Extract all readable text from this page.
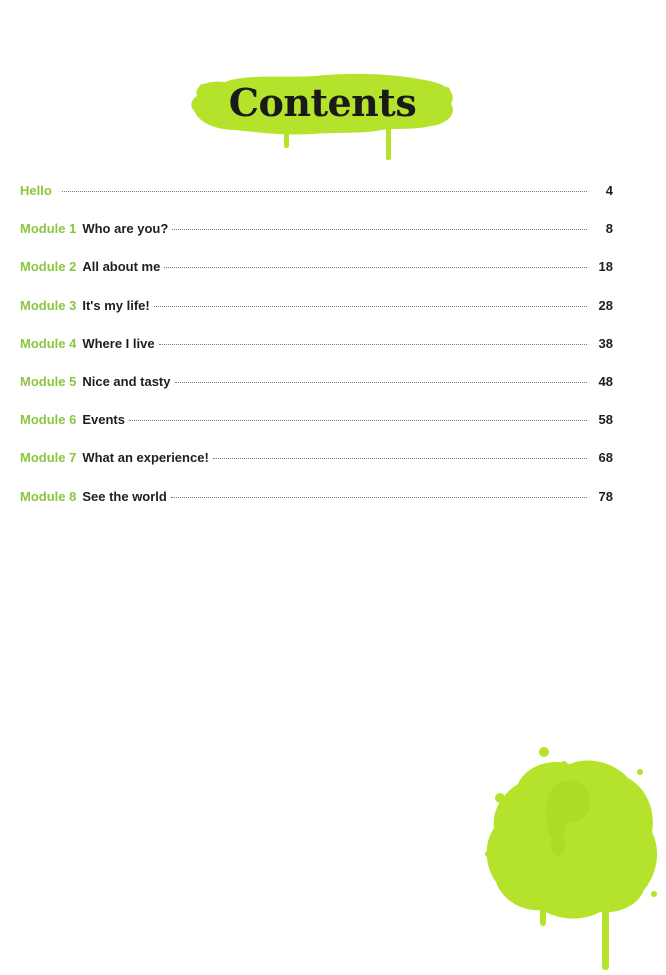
Contents
Hello	4
Module 1 Who are you?	8
Module 2 All about me	18
Module 3 It's my life!	28
Module 4 Where I live	38
Module 5 Nice and tasty	48
Module 6 Events	58
Module 7 What an experience!	68
Module 8 See the world	78
